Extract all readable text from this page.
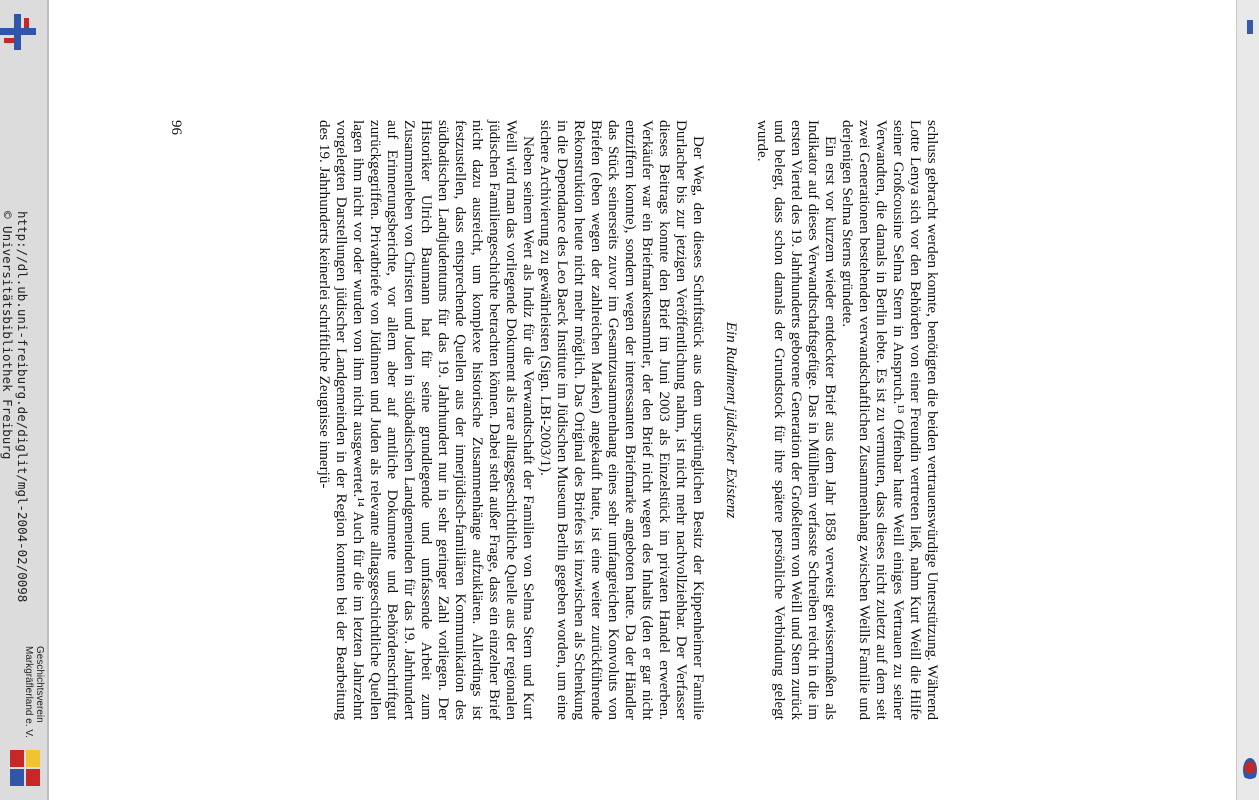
http://dl.ub.uni-freiburg.de/diglit/mgl-2004-02/0098
© Universitätsbibliothek Freiburg
Geschichtsverein
Markgräflerland e. V.	schluss gebracht werden konnte, benötigten die beiden vertrauenswürdige Unterstützung. Während Lotte Lenya sich vor den Behörden von einer Freundin vertreten ließ, nahm Kurt Weill die Hilfe seiner Großcousine Selma Stern in Anspruch.¹³ Offenbar hatte Weill einiges Vertrauen zu seiner Verwandten, die damals in Berlin lebte. Es ist zu vermuten, dass dieses nicht zuletzt auf dem seit zwei Generationen bestehenden verwandschaftlichen Zusammenhang zwischen Weills Familie und derjenigen Selma Sterns gründete.

Ein erst vor kurzem wieder entdeckter Brief aus dem Jahr 1858 verweist gewissermaßen als Indikator auf dieses Verwandtschaftsgefüge. Das in Müllheim verfasste Schreiben reicht in die im ersten Viertel des 19. Jahrhunderts geborene Generation der Großeltern von Weill und Stern zurück und belegt, dass schon damals der Grundstock für ihre spätere persönliche Verbindung gelegt wurde.

Ein Rudiment jüdischer Existenz

Der Weg, den dieses Schriftstück aus dem ursprünglichen Besitz der Kippenheimer Familie Durlacher bis zur jetzigen Veröffentlichung nahm, ist nicht mehr nachvollziehbar. Der Verfasser dieses Beitrags konnte den Brief im Juni 2003 als Einzelstück im privaten Handel erwerben. Verkäufer war ein Briefmarkensammler, der den Brief nicht wegen des Inhalts (den er gar nicht entziffern konnte), sondern wegen der interessanten Briefmarke angeboten hatte. Da der Händler das Stück seinerseits zuvor im Gesamtzusammenhang eines sehr umfangreichen Konvoluts von Briefen (eben wegen der zahlreichen Marken) angekauft hatte, ist eine weiter zurückführende Rekonstruktion heute nicht mehr möglich. Das Original des Briefes ist inzwischen als Schenkung in die Dependance des Leo Baeck Institute im Jüdischen Museum Berlin gegeben worden, um eine sichere Archivierung zu gewährleisten (Sign. LBI-2003/1).

Neben seinem Wert als Indiz für die Verwandtschaft der Familien von Selma Stern und Kurt Weill wird man das vorliegende Dokument als rare alltagsgeschichtliche Quelle aus der regionalen jüdischen Familiengeschichte betrachten können. Dabei steht außer Frage, dass ein einzelner Brief nicht dazu ausreicht, um komplexe historische Zusammenhänge aufzuklären. Allerdings ist festzustellen, dass entsprechende Quellen aus der innerjüdisch-familiären Kommunikation des südbadischen Landjudentums für das 19. Jahrhundert nur in sehr geringer Zahl vorliegen. Der Historiker Ulrich Baumann hat für seine grundlegende und umfassende Arbeit zum Zusammenleben von Christen und Juden in südbadischen Landgemeinden für das 19. Jahrhundert auf Erinnerungsberichte, vor allem aber auf amtliche Dokumente und Behördenschriftgut zurückgegriffen. Privatbriefe von Jüdinnen und Juden als relevante alltagsgeschichtliche Quellen lagen ihm nicht vor oder wurden von ihm nicht ausgewertet.¹⁴ Auch für die im letzten Jahrzehnt vorgelegten Darstellungen jüdischer Landgemeinden in der Region konnten bei der Bearbeitung des 19. Jahrhunderts keinerlei schriftliche Zeugnisse innerjü-

96
